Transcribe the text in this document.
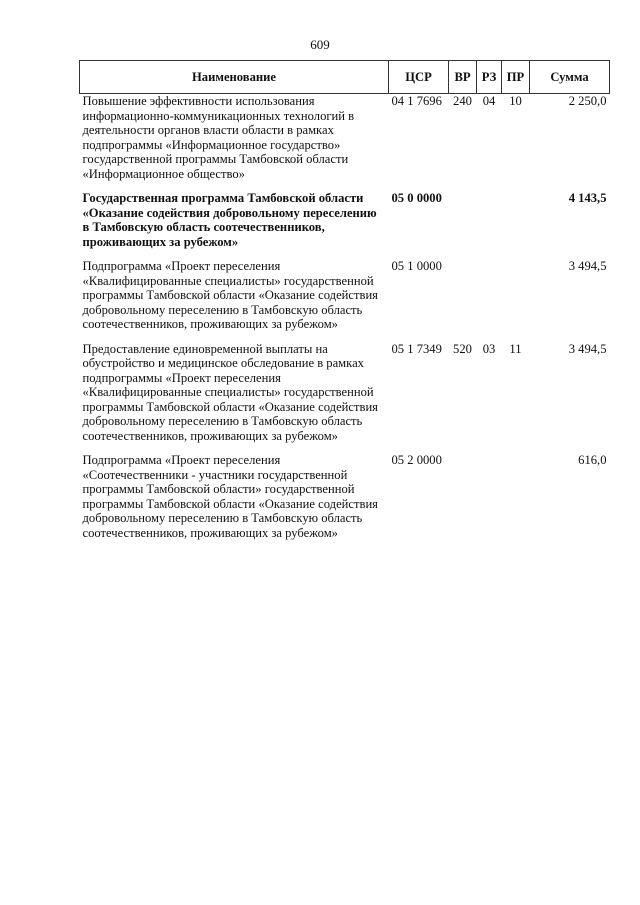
609
Наименование	ЦСР	ВР	РЗ	ПР	Сумма
Повышение эффективности использования информационно-коммуникационных технологий в деятельности органов власти области в рамках подпрограммы «Информационное государство» государственной программы Тамбовской области «Информационное общество»	04 1 7696	240	04	10	2 250,0
Государственная программа Тамбовской области «Оказание содействия добровольному переселению в Тамбовскую область соотечественников, проживающих за рубежом»	05 0 0000				4 143,5
Подпрограмма «Проект переселения «Квалифицированные специалисты» государственной программы Тамбовской области «Оказание содействия добровольному переселению в Тамбовскую область соотечественников, проживающих за рубежом»	05 1 0000				3 494,5
Предоставление единовременной выплаты на обустройство и медицинское обследование в рамках подпрограммы «Проект переселения «Квалифицированные специалисты» государственной программы Тамбовской области «Оказание содействия добровольному переселению в Тамбовскую область соотечественников, проживающих за рубежом»	05 1 7349	520	03	11	3 494,5
Подпрограмма «Проект переселения «Соотечественники - участники государственной программы Тамбовской области» государственной программы Тамбовской области «Оказание содействия добровольному переселению в Тамбовскую область соотечественников, проживающих за рубежом»	05 2 0000				616,0
